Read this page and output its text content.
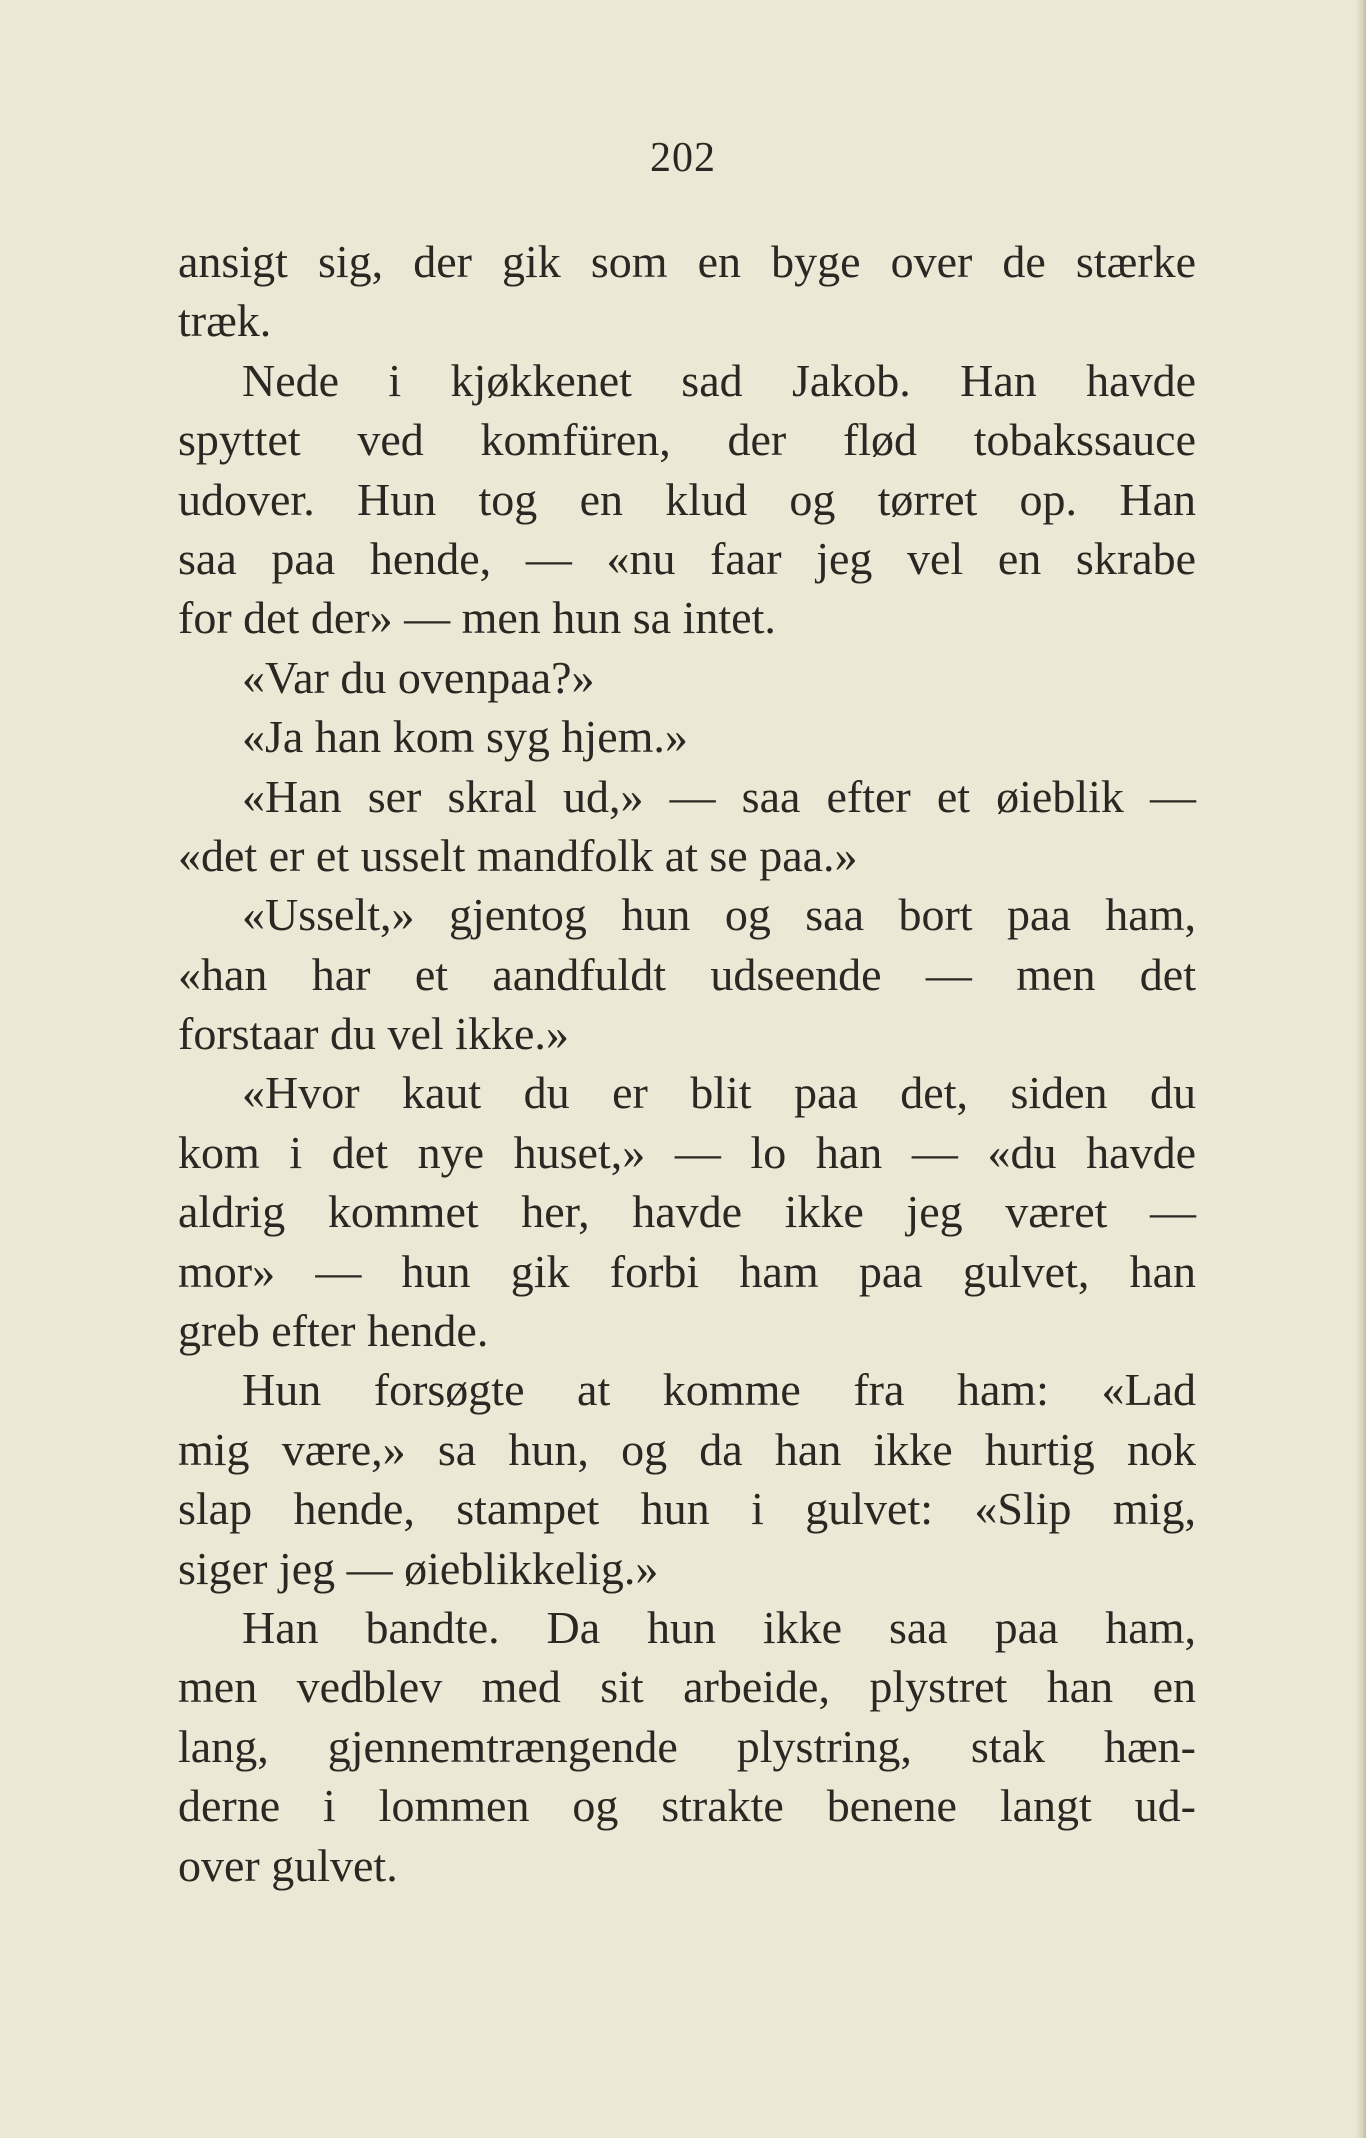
202
ansigt sig, der gik som en byge over de stærke
træk.
Nede i kjøkkenet sad Jakob. Han havde
spyttet ved komfüren, der flød tobakssauce
udover. Hun tog en klud og tørret op. Han
saa paa hende, — «nu faar jeg vel en skrabe
for det der» — men hun sa intet.
«Var du ovenpaa?»
«Ja han kom syg hjem.»
«Han ser skral ud,» — saa efter et øieblik —
«det er et usselt mandfolk at se paa.»
«Usselt,» gjentog hun og saa bort paa ham,
«han har et aandfuldt udseende — men det
forstaar du vel ikke.»
«Hvor kaut du er blit paa det, siden du
kom i det nye huset,» — lo han — «du havde
aldrig kommet her, havde ikke jeg været —
mor» — hun gik forbi ham paa gulvet, han
greb efter hende.
Hun forsøgte at komme fra ham: «Lad
mig være,» sa hun, og da han ikke hurtig nok
slap hende, stampet hun i gulvet: «Slip mig,
siger jeg — øieblikkelig.»
Han bandte. Da hun ikke saa paa ham,
men vedblev med sit arbeide, plystret han en
lang, gjennemtrængende plystring, stak hæn-
derne i lommen og strakte benene langt ud-
over gulvet.
